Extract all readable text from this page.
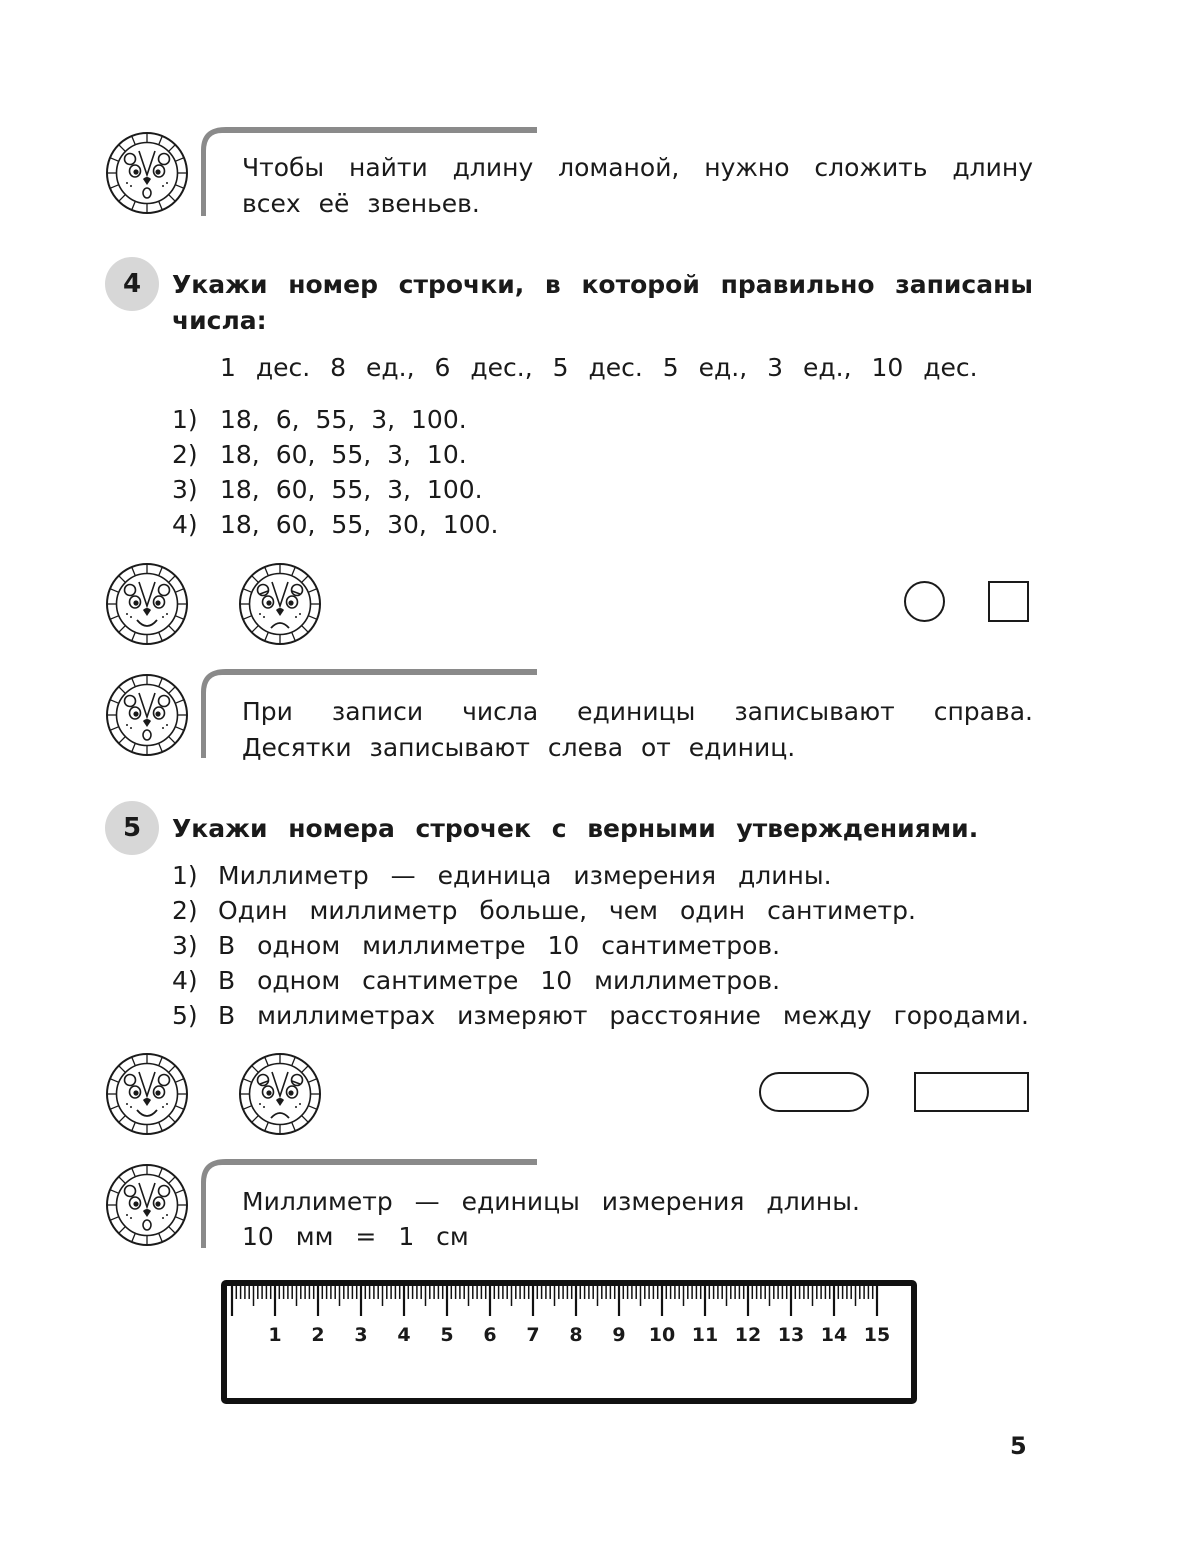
Чтобы найти длину ломаной, нужно сложить длину всех её звеньев.
4	Укажи номер строчки, в которой правильно записаны числа:
1 дес. 8 ед., 6 дес., 5 дес. 5 ед., 3 ед., 10 дес.
1) 18, 6, 55, 3, 100.
2) 18, 60, 55, 3, 10.
3) 18, 60, 55, 3, 100.
4) 18, 60, 55, 30, 100.
При записи числа единицы записывают справа. Десятки записывают слева от единиц.
5	Укажи номера строчек с верными утверждениями.
1) Миллиметр — единица измерения длины.
2) Один миллиметр больше, чем один сантиметр.
3) В одном миллиметре 10 сантиметров.
4) В одном сантиметре 10 миллиметров.
5) В миллиметрах измеряют расстояние между городами.
Миллиметр — единицы измерения длины.
10 мм = 1 см
1 2 3 4 5 6 7 8 9 10 11 12 13 14 15
5
